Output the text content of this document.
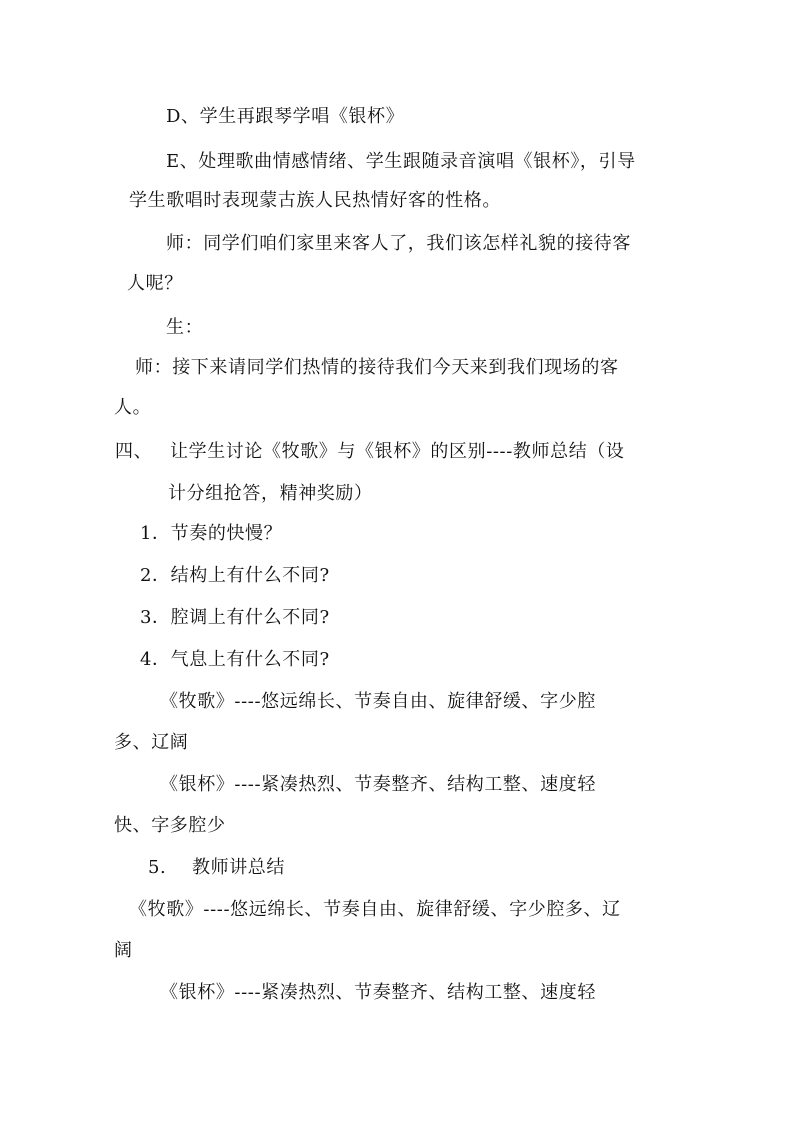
D、学生再跟琴学唱《银杯》
E、处理歌曲情感情绪、学生跟随录音演唱《银杯》，引导
学生歌唱时表现蒙古族人民热情好客的性格。
师：同学们咱们家里来客人了，我们该怎样礼貌的接待客
人呢？
生：
师：接下来请同学们热情的接待我们今天来到我们现场的客
人。
四、 让学生讨论《牧歌》与《银杯》的区别----教师总结（设
计分组抢答，精神奖励）
1．节奏的快慢？
2．结构上有什么不同?
3．腔调上有什么不同?
4．气息上有什么不同?
《牧歌》----悠远绵长、节奏自由、旋律舒缓、字少腔
多、辽阔
《银杯》----紧凑热烈、节奏整齐、结构工整、速度轻
快、字多腔少
5. 教师讲总结
《牧歌》----悠远绵长、节奏自由、旋律舒缓、字少腔多、辽
阔
《银杯》----紧凑热烈、节奏整齐、结构工整、速度轻
